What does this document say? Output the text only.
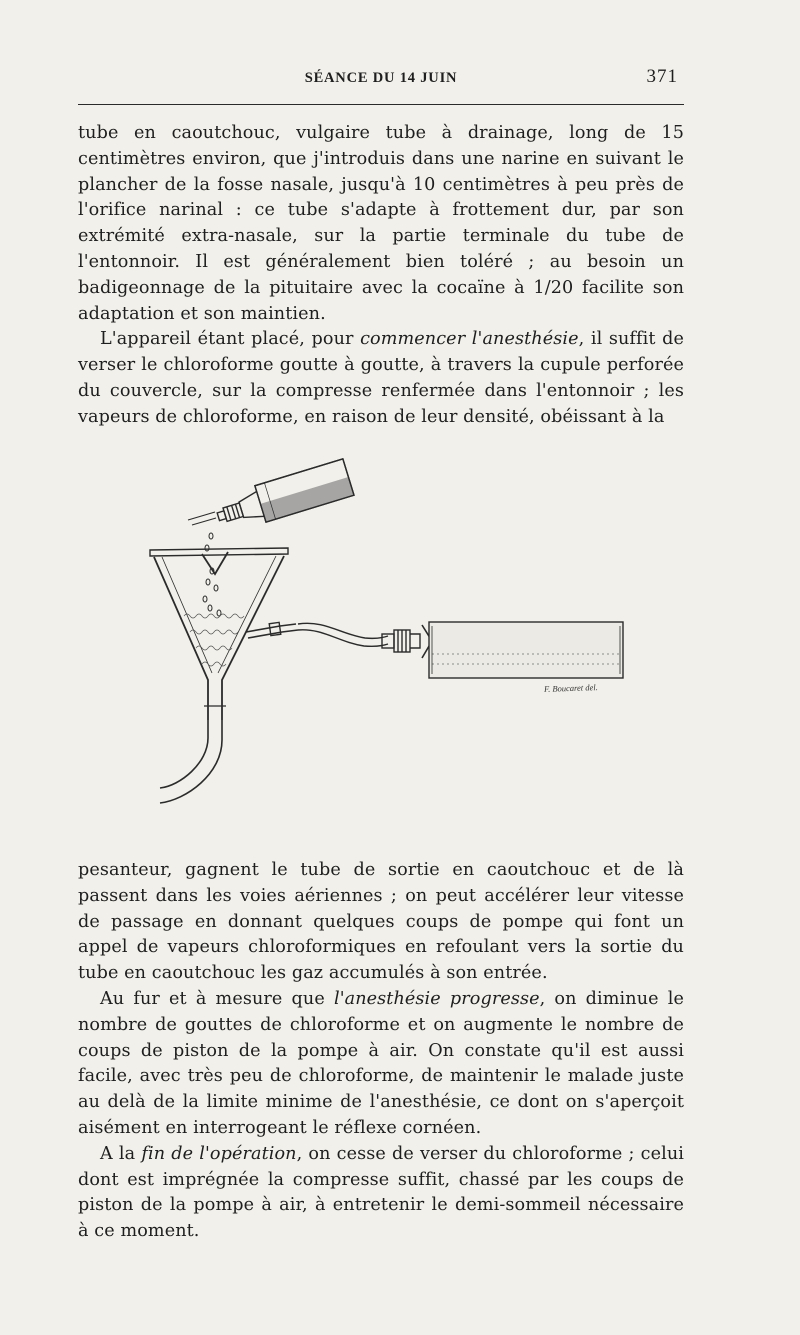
SÉANCE DU 14 JUIN	371

tube en caoutchouc, vulgaire tube à drainage, long de 15 centimètres environ, que j'introduis dans une narine en suivant le plancher de la fosse nasale, jusqu'à 10 centimètres à peu près de l'orifice narinal : ce tube s'adapte à frottement dur, par son extrémité extra-nasale, sur la partie terminale du tube de l'entonnoir. Il est généralement bien toléré ; au besoin un badigeonnage de la pituitaire avec la cocaïne à 1/20 facilite son adaptation et son maintien.

L'appareil étant placé, pour commencer l'anesthésie, il suffit de verser le chloroforme goutte à goutte, à travers la cupule perforée du couvercle, sur la compresse renfermée dans l'entonnoir ; les vapeurs de chloroforme, en raison de leur densité, obéissant à la

F. Boucaret del.

pesanteur, gagnent le tube de sortie en caoutchouc et de là passent dans les voies aériennes ; on peut accélérer leur vitesse de passage en donnant quelques coups de pompe qui font un appel de vapeurs chloroformiques en refoulant vers la sortie du tube en caoutchouc les gaz accumulés à son entrée.

Au fur et à mesure que l'anesthésie progresse, on diminue le nombre de gouttes de chloroforme et on augmente le nombre de coups de piston de la pompe à air. On constate qu'il est aussi facile, avec très peu de chloroforme, de maintenir le malade juste au delà de la limite minime de l'anesthésie, ce dont on s'aperçoit aisément en interrogeant le réflexe cornéen.

A la fin de l'opération, on cesse de verser du chloroforme ; celui dont est imprégnée la compresse suffit, chassé par les coups de piston de la pompe à air, à entretenir le demi-sommeil nécessaire à ce moment.
